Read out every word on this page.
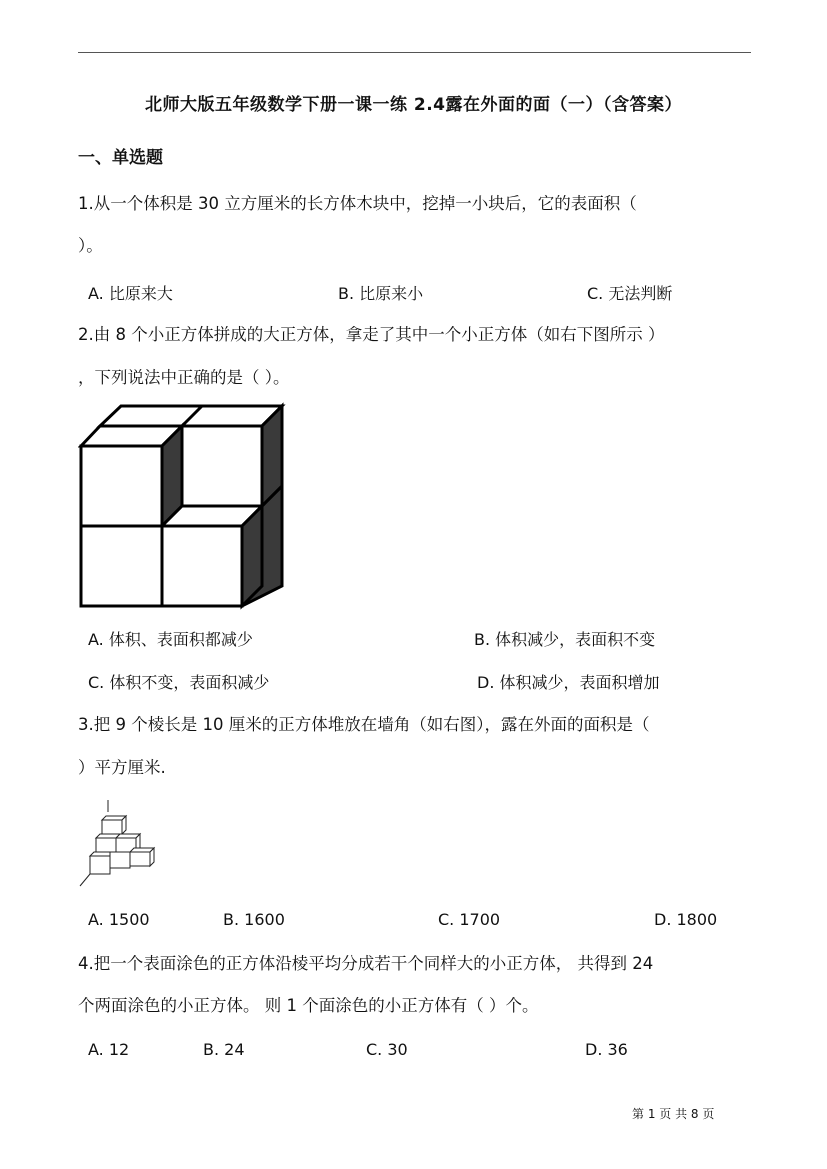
北师大版五年级数学下册一课一练 2.4露在外面的面（一）（含答案）
一、单选题
1.从一个体积是 30 立方厘米的长方体木块中，挖掉一小块后，它的表面积（
）。
A. 比原来大	B. 比原来小	C. 无法判断
2.由 8 个小正方体拼成的大正方体，拿走了其中一个小正方体（如右下图所示 ）
，下列说法中正确的是（ ）。
A. 体积、表面积都减少	B. 体积减少，表面积不变
C. 体积不变，表面积减少	D. 体积减少，表面积增加
3.把 9 个棱长是 10 厘米的正方体堆放在墙角（如右图），露在外面的面积是（
）平方厘米.
A. 1500	B. 1600	C. 1700	D. 1800
4.把一个表面涂色的正方体沿棱平均分成若干个同样大的小正方体， 共得到 24
个两面涂色的小正方体。 则 1 个面涂色的小正方体有（ ）个。
A. 12	B. 24	C. 30	D. 36
第 1 页 共 8 页
